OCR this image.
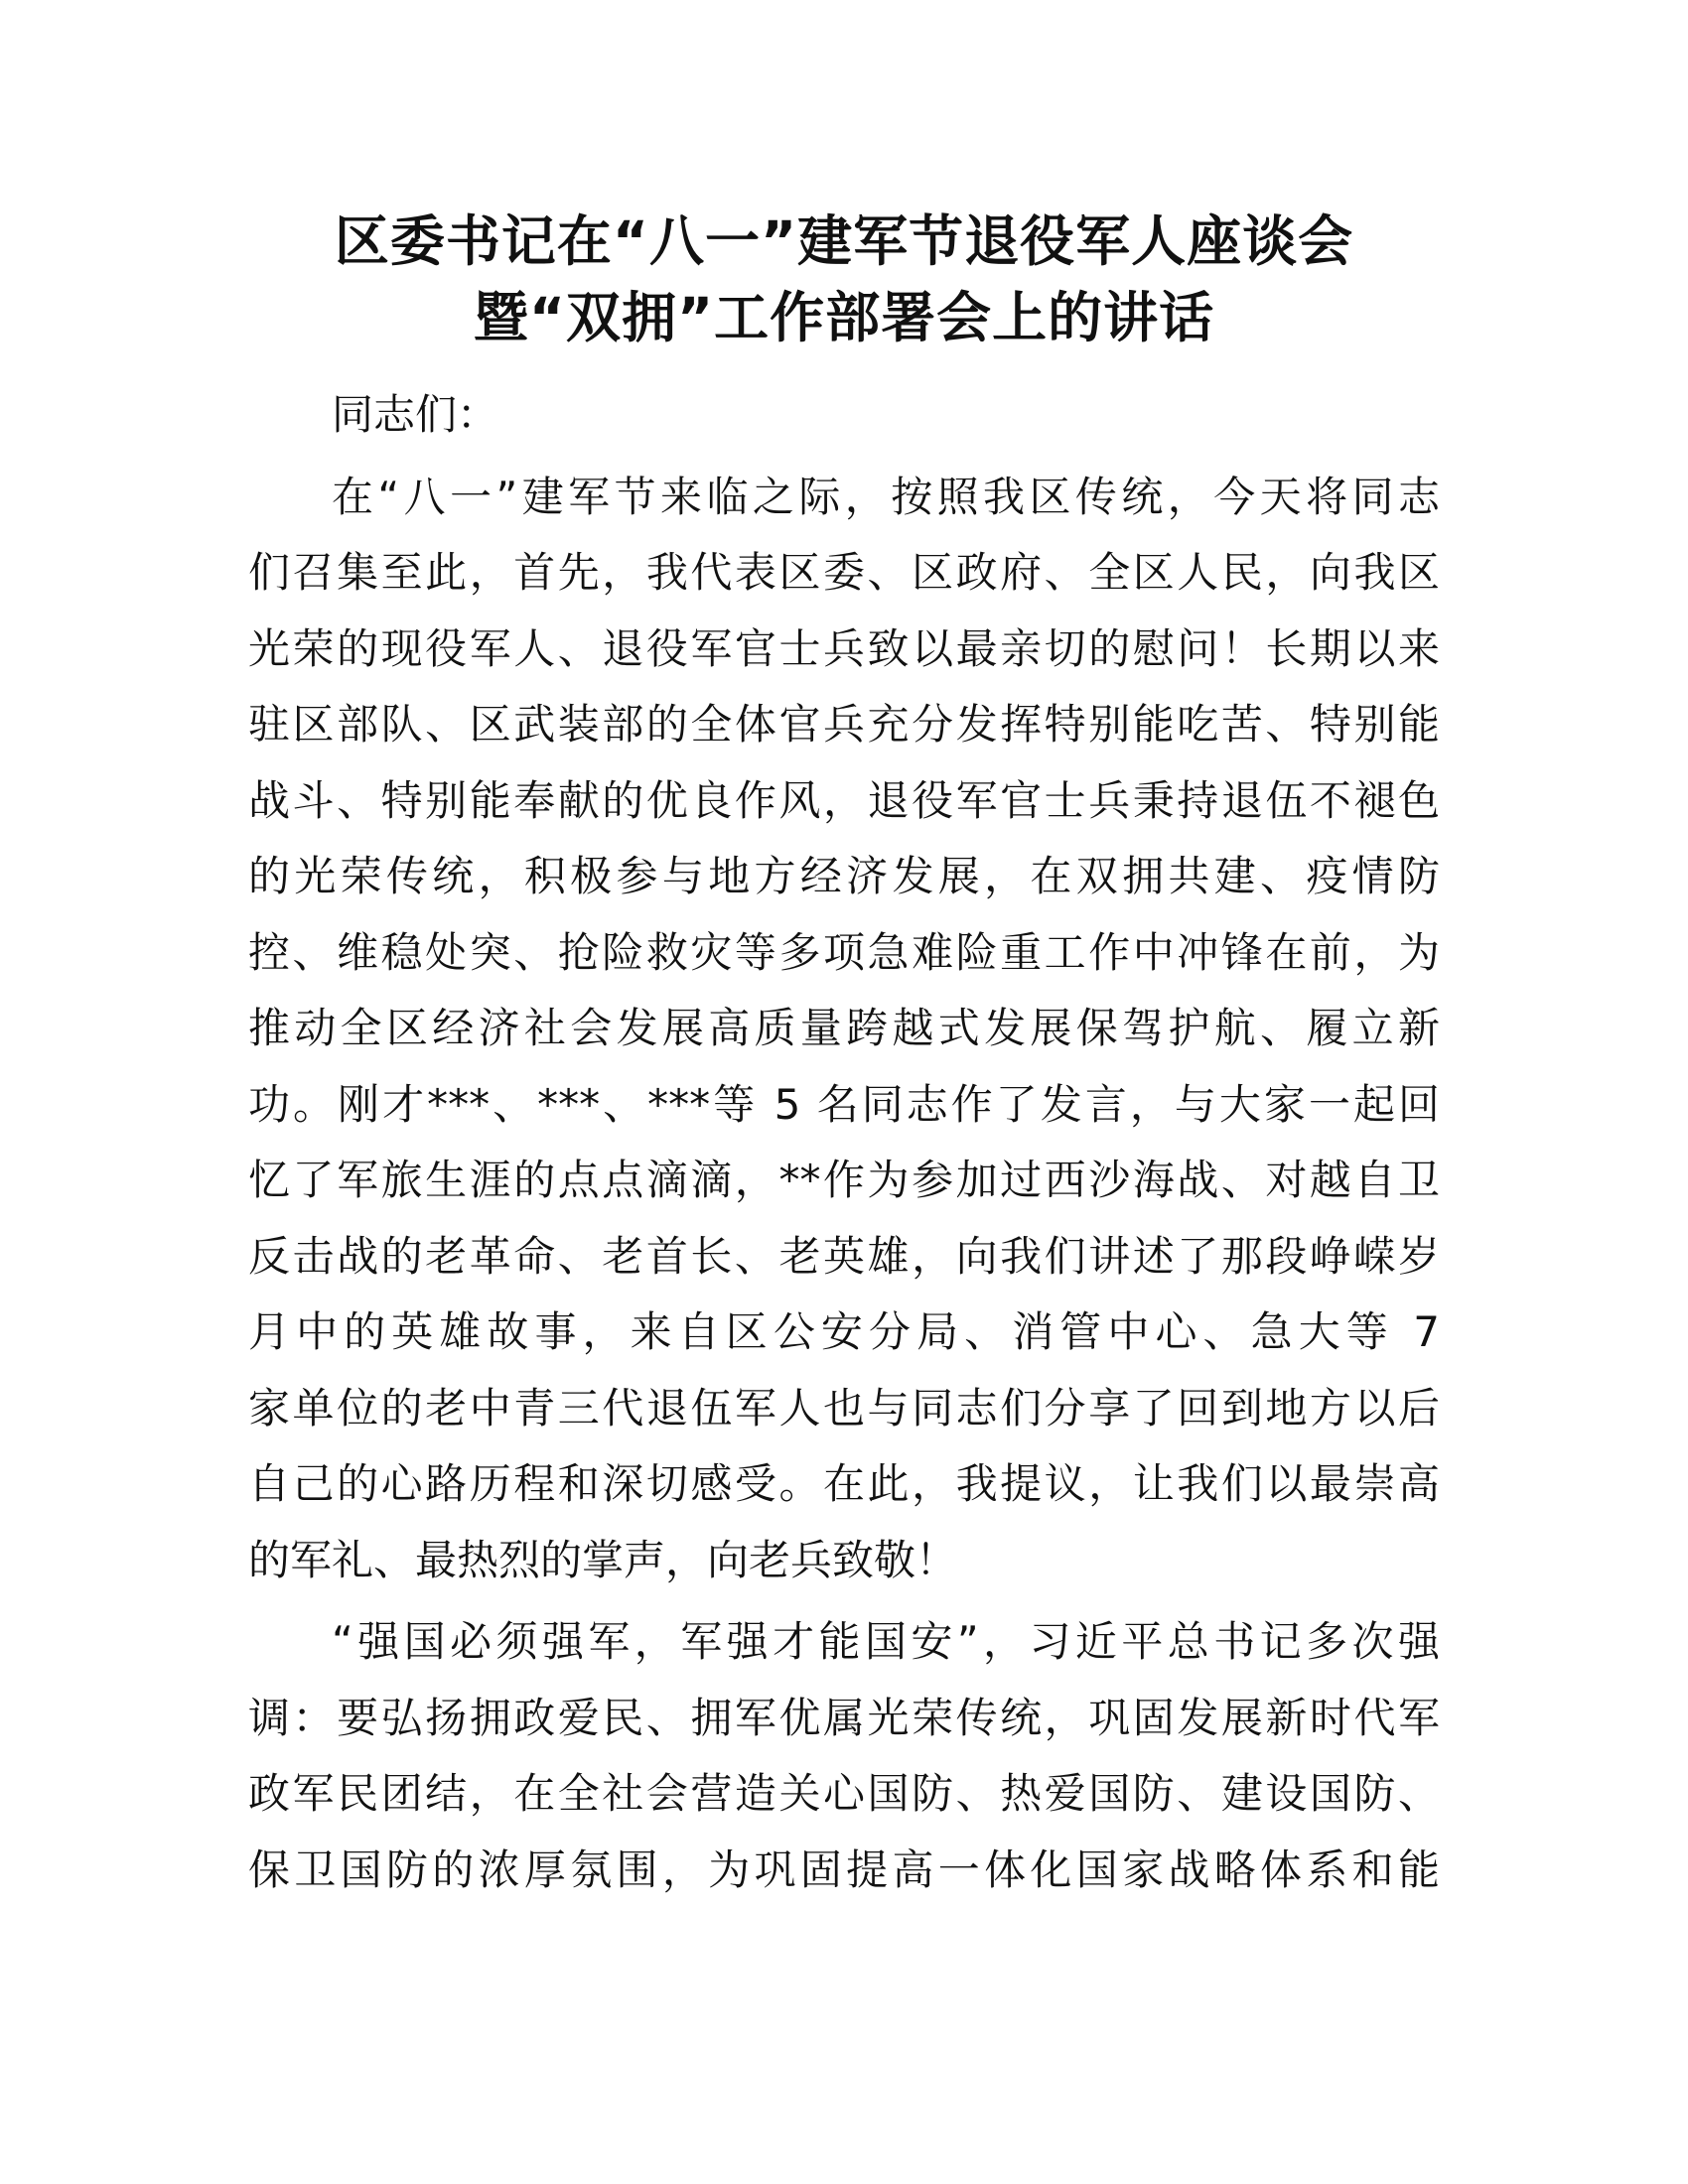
区委书记在“八一”建军节退役军人座谈会
暨“双拥”工作部署会上的讲话
同志们：
在“八一”建军节来临之际，按照我区传统，今天将同志
们召集至此，首先，我代表区委、区政府、全区人民，向我区
光荣的现役军人、退役军官士兵致以最亲切的慰问！长期以来
驻区部队、区武装部的全体官兵充分发挥特别能吃苦、特别能
战斗、特别能奉献的优良作风，退役军官士兵秉持退伍不褪色
的光荣传统，积极参与地方经济发展，在双拥共建、疫情防
控、维稳处突、抢险救灾等多项急难险重工作中冲锋在前，为
推动全区经济社会发展高质量跨越式发展保驾护航、履立新
功。刚才***、***、***等 5 名同志作了发言，与大家一起回
忆了军旅生涯的点点滴滴，**作为参加过西沙海战、对越自卫
反击战的老革命、老首长、老英雄，向我们讲述了那段峥嵘岁
月中的英雄故事，来自区公安分局、消管中心、急大等 7
家单位的老中青三代退伍军人也与同志们分享了回到地方以后
自己的心路历程和深切感受。在此，我提议，让我们以最崇高
的军礼、最热烈的掌声，向老兵致敬！
“强国必须强军，军强才能国安”，习近平总书记多次强
调：要弘扬拥政爱民、拥军优属光荣传统，巩固发展新时代军
政军民团结，在全社会营造关心国防、热爱国防、建设国防、
保卫国防的浓厚氛围，为巩固提高一体化国家战略体系和能
